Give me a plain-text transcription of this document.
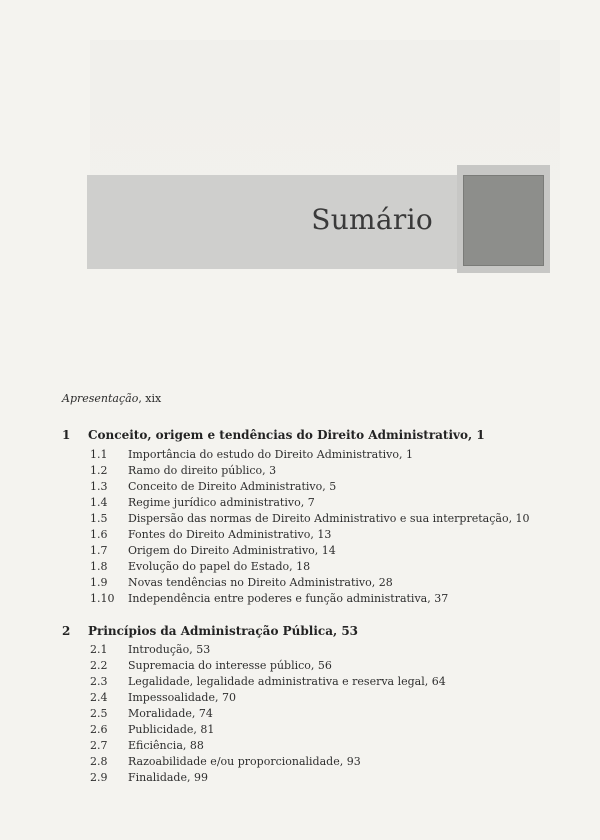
Sumário
Apresentação, xix
1 Conceito, origem e tendências do Direito Administrativo, 1
1.1 Importância do estudo do Direito Administrativo, 1
1.2 Ramo do direito público, 3
1.3 Conceito de Direito Administrativo, 5
1.4 Regime jurídico administrativo, 7
1.5 Dispersão das normas de Direito Administrativo e sua interpretação, 10
1.6 Fontes do Direito Administrativo, 13
1.7 Origem do Direito Administrativo, 14
1.8 Evolução do papel do Estado, 18
1.9 Novas tendências no Direito Administrativo, 28
1.10 Independência entre poderes e função administrativa, 37
2 Princípios da Administração Pública, 53
2.1 Introdução, 53
2.2 Supremacia do interesse público, 56
2.3 Legalidade, legalidade administrativa e reserva legal, 64
2.4 Impessoalidade, 70
2.5 Moralidade, 74
2.6 Publicidade, 81
2.7 Eficiência, 88
2.8 Razoabilidade e/ou proporcionalidade, 93
2.9 Finalidade, 99
